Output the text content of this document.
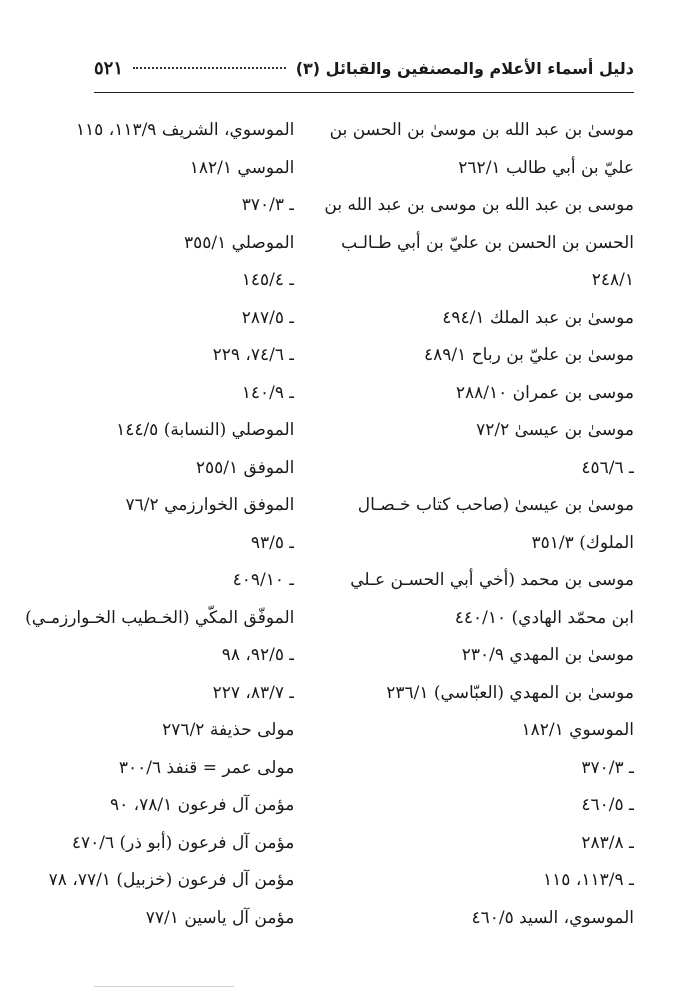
دليل أسماء الأعلام والمصنفين والقبائل (٣)
٥٢١
موسىٰ بن عبد الله بن موسىٰ بن الحسن بن
عليّ بن أبي طالب ٢٦٢/١
موسى بن عبد الله بن موسى بن عبد الله بن
الحسن بن الحسن بن عليّ بن أبي طـالـب
٢٤٨/١
موسىٰ بن عبد الملك ٤٩٤/١
موسىٰ بن عليّ بن رباح ٤٨٩/١
موسى بن عمران ٢٨٨/١٠
موسىٰ بن عيسىٰ ٧٢/٢
ـ ٤٥٦/٦
موسىٰ بن عيسىٰ (صاحب كتاب خـصـال
الملوك) ٣٥١/٣
موسى بن محمد (أخي أبي الحسـن عـلي
ابن محمّد الهادي) ٤٤٠/١٠
موسىٰ بن المهدي ٢٣٠/٩
موسىٰ بن المهدي (العبّاسي) ٢٣٦/١
الموسوي ١٨٢/١
ـ ٣٧٠/٣
ـ ٤٦٠/٥
ـ ٢٨٣/٨
ـ ١١٣/٩، ١١٥
الموسوي، السيد ٤٦٠/٥
الموسوي، الشريف ١١٣/٩، ١١٥
الموسي ١٨٢/١
ـ ٣٧٠/٣
الموصلي ٣٥٥/١
ـ ١٤٥/٤
ـ ٢٨٧/٥
ـ ٧٤/٦، ٢٢٩
ـ ١٤٠/٩
الموصلي (النسابة) ١٤٤/٥
الموفق ٢٥٥/١
الموفق الخوارزمي ٧٦/٢
ـ ٩٣/٥
ـ ٤٠٩/١٠
الموفّق المكّي (الخـطيب الخـوارزمـي)
ـ ٩٢/٥، ٩٨
ـ ٨٣/٧، ٢٢٧
مولى حذيفة ٢٧٦/٢
مولى عمر = قنفذ ٣٠٠/٦
مؤمن آل فرعون ٧٨/١، ٩٠
مؤمن آل فرعون (أبو ذر) ٤٧٠/٦
مؤمن آل فرعون (خزبيل) ٧٧/١، ٧٨
مؤمن آل ياسين ٧٧/١
